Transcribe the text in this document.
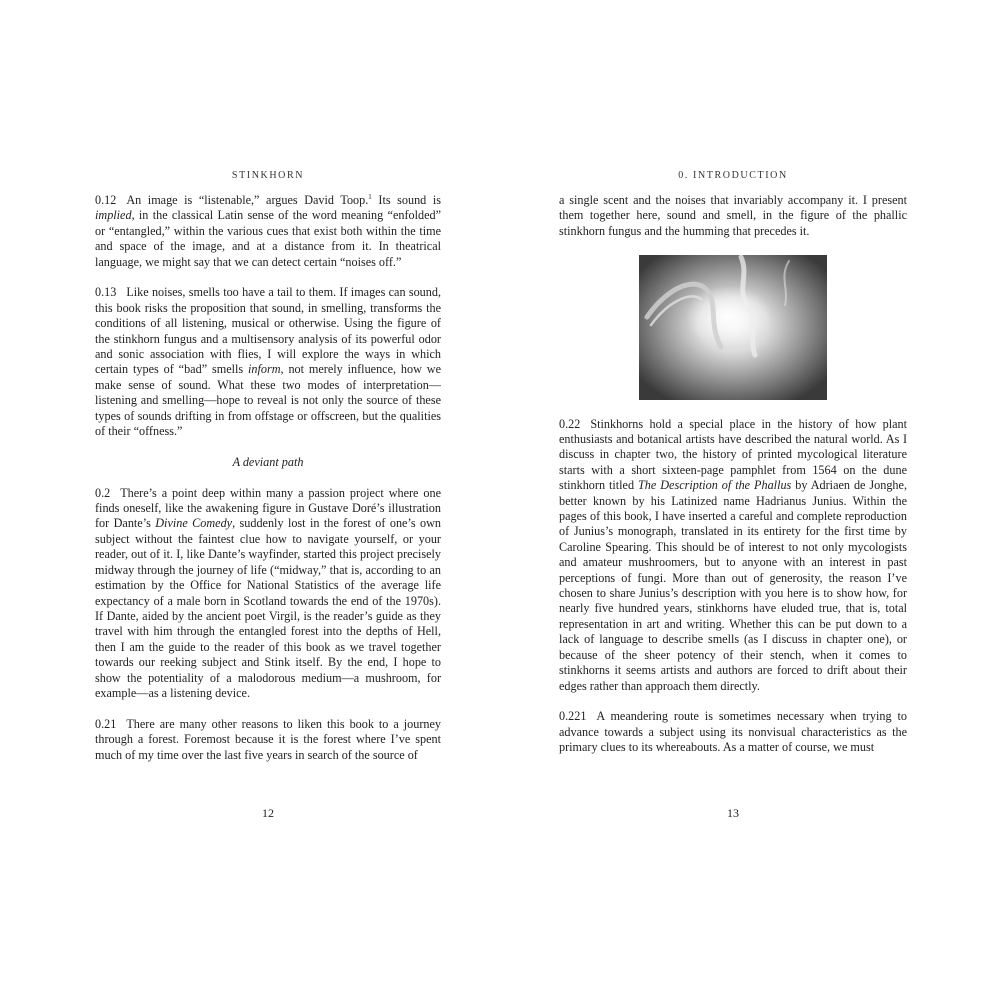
STINKHORN

0.12 An image is “listenable,” argues David Toop.$^1$ Its sound is implied, in the classical Latin sense of the word meaning “enfolded” or “entangled,” within the various cues that exist both within the time and space of the image, and at a distance from it. In theatrical language, we might say that we can detect certain “noises off.”

0.13 Like noises, smells too have a tail to them. If images can sound, this book risks the proposition that sound, in smelling, transforms the conditions of all listening, musical or otherwise. Using the figure of the stinkhorn fungus and a multisensory analysis of its powerful odor and sonic association with flies, I will explore the ways in which certain types of “bad” smells inform, not merely influence, how we make sense of sound. What these two modes of interpretation—listening and smelling—hope to reveal is not only the source of these types of sounds drifting in from offstage or offscreen, but the qualities of their “offness.”

A deviant path

0.2 There’s a point deep within many a passion project where one finds oneself, like the awakening figure in Gustave Doré’s illustration for Dante’s Divine Comedy, suddenly lost in the forest of one’s own subject without the faintest clue how to navigate yourself, or your reader, out of it. I, like Dante’s wayfinder, started this project precisely midway through the journey of life (“midway,” that is, according to an estimation by the Office for National Statistics of the average life expectancy of a male born in Scotland towards the end of the 1970s). If Dante, aided by the ancient poet Virgil, is the reader’s guide as they travel with him through the entangled forest into the depths of Hell, then I am the guide to the reader of this book as we travel together towards our reeking subject and Stink itself. By the end, I hope to show the potentiality of a malodorous medium—a mushroom, for example—as a listening device.

0.21 There are many other reasons to liken this book to a journey through a forest. Foremost because it is the forest where I’ve spent much of my time over the last five years in search of the source of

12
0. INTRODUCTION

a single scent and the noises that invariably accompany it. I present them together here, sound and smell, in the figure of the phallic stinkhorn fungus and the humming that precedes it.

0.22 Stinkhorns hold a special place in the history of how plant enthusiasts and botanical artists have described the natural world. As I discuss in chapter two, the history of printed mycological literature starts with a short sixteen-page pamphlet from 1564 on the dune stinkhorn titled The Description of the Phallus by Adriaen de Jonghe, better known by his Latinized name Hadrianus Junius. Within the pages of this book, I have inserted a careful and complete reproduction of Junius’s monograph, translated in its entirety for the first time by Caroline Spearing. This should be of interest to not only mycologists and amateur mushroomers, but to anyone with an interest in past perceptions of fungi. More than out of generosity, the reason I’ve chosen to share Junius’s description with you here is to show how, for nearly five hundred years, stinkhorns have eluded true, that is, total representation in art and writing. Whether this can be put down to a lack of language to describe smells (as I discuss in chapter one), or because of the sheer potency of their stench, when it comes to stinkhorns it seems artists and authors are forced to drift about their edges rather than approach them directly.

0.221 A meandering route is sometimes necessary when trying to advance towards a subject using its nonvisual characteristics as the primary clues to its whereabouts. As a matter of course, we must

13
